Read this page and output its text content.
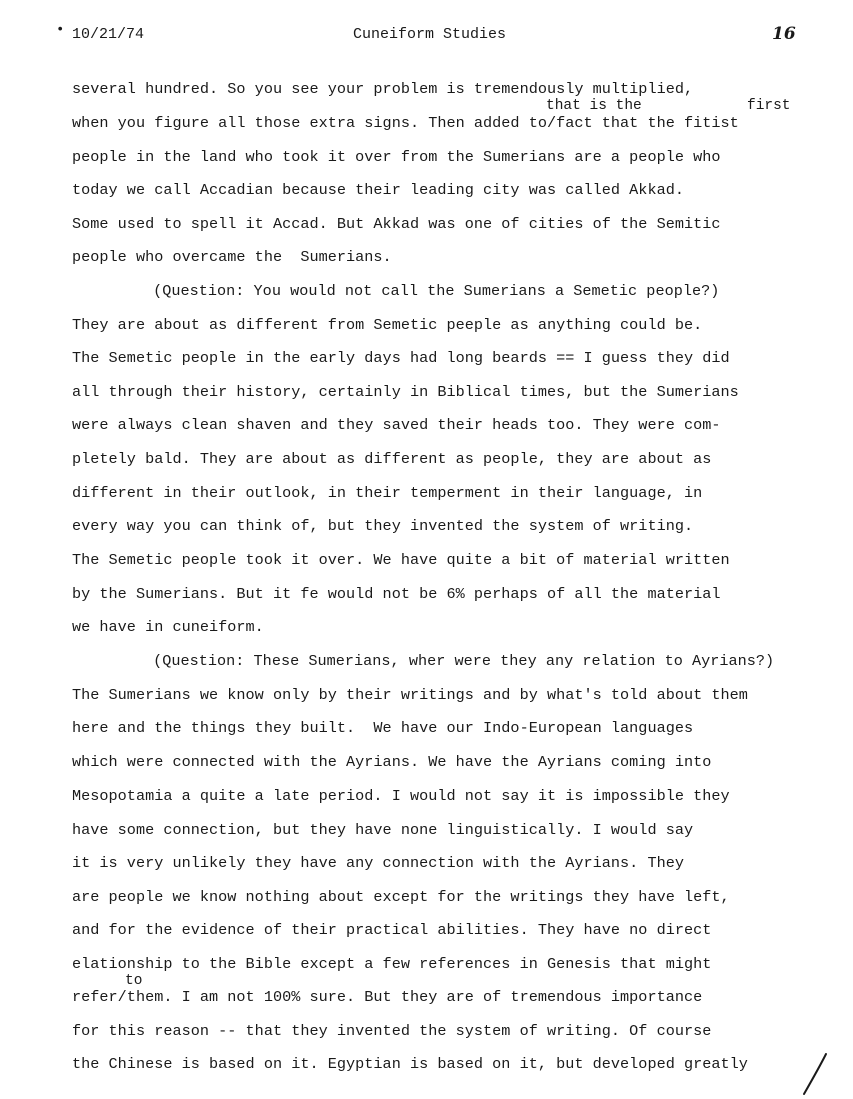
• 10/21/74	Cuneiform Studies	16
that is the	first
to
several hundred. So you see your problem is tremendously multiplied,
when you figure all those extra signs. Then added to/fact that the fitist
people in the land who took it over from the Sumerians are a people who
today we call Accadian because their leading city was called Akkad.
Some used to spell it Accad. But Akkad was one of cities of the Semitic
people who overcame the  Sumerians.
(Question: You would not call the Sumerians a Semetic people?)
They are about as different from Semetic peeple as anything could be.
The Semetic people in the early days had long beards == I guess they did
all through their history, certainly in Biblical times, but the Sumerians
were always clean shaven and they saved their heads too. They were com-
pletely bald. They are about as different as people, they are about as
different in their outlook, in their temperment in their language, in
every way you can think of, but they invented the system of writing.
The Semetic people took it over. We have quite a bit of material written
by the Sumerians. But it fe would not be 6% perhaps of all the material
we have in cuneiform.
(Question: These Sumerians, wher were they any relation to Ayrians?)
The Sumerians we know only by their writings and by what's told about them
here and the things they built.  We have our Indo-European languages
which were connected with the Ayrians. We have the Ayrians coming into
Mesopotamia a quite a late period. I would not say it is impossible they
have some connection, but they have none linguistically. I would say
it is very unlikely they have any connection with the Ayrians. They
are people we know nothing about except for the writings they have left,
and for the evidence of their practical abilities. They have no direct
elationship to the Bible except a few references in Genesis that might
refer/them. I am not 100% sure. But they are of tremendous importance
for this reason -- that they invented the system of writing. Of course
the Chinese is based on it. Egyptian is based on it, but developed greatly
